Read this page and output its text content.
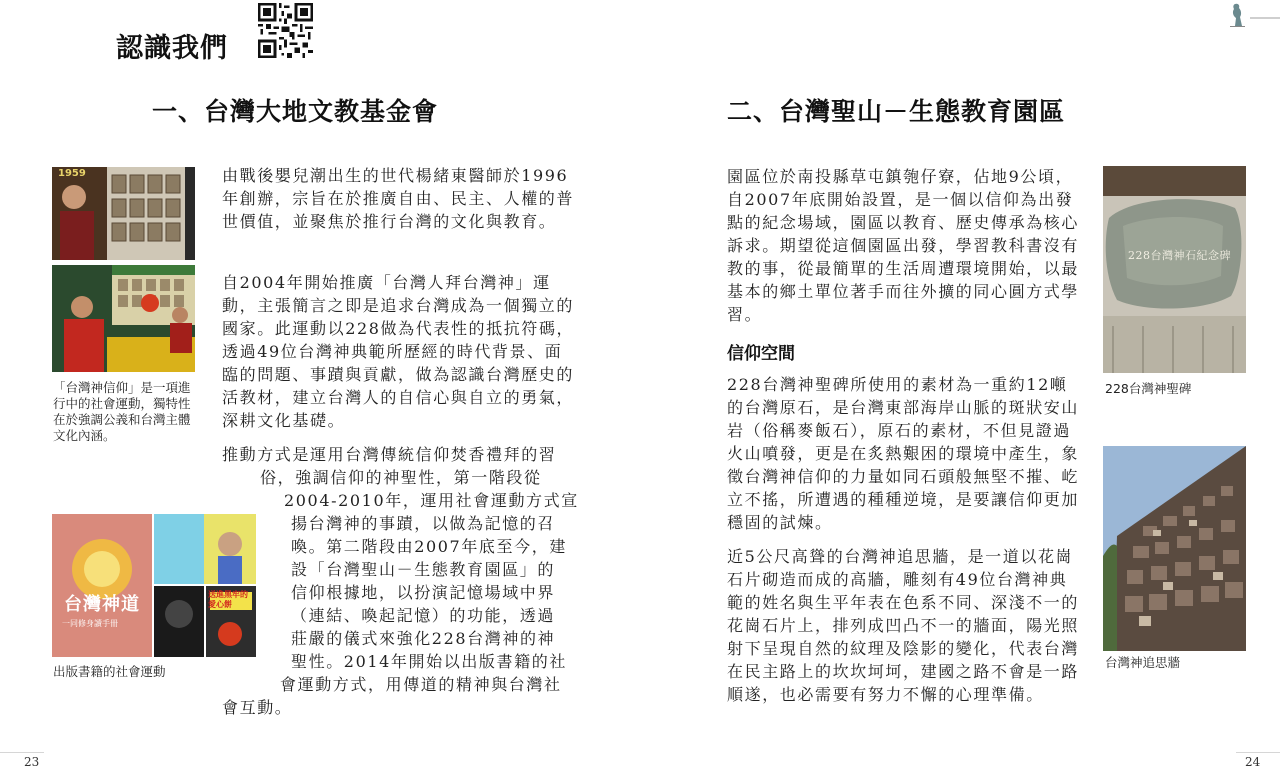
認識我們
一、台灣大地文教基金會
1959
「台灣神信仰」是一項進行中的社會運動，獨特性在於強調公義和台灣主體文化內涵。
台灣神道
一同修身讀手冊
送進黑牢的愛心餅
出版書籍的社會運動
由戰後嬰兒潮出生的世代楊緒東醫師於1996年創辦，宗旨在於推廣自由、民主、人權的普世價值，並聚焦於推行台灣的文化與教育。
自2004年開始推廣「台灣人拜台灣神」運動，主張簡言之即是追求台灣成為一個獨立的國家。此運動以228做為代表性的抵抗符碼，透過49位台灣神典範所歷經的時代背景、面臨的問題、事蹟與貢獻，做為認識台灣歷史的活教材，建立台灣人的自信心與自立的勇氣，深耕文化基礎。

推動方式是運用台灣傳統信仰焚香禮拜的習

俗，強調信仰的神聖性，第一階段從

2004-2010年，運用社會運動方式宣

揚台灣神的事蹟，以做為記憶的召

喚。第二階段由2007年底至今，建

設「台灣聖山－生態教育園區」的

信仰根據地，以扮演記憶場域中界

（連結、喚起記憶）的功能，透過

莊嚴的儀式來強化228台灣神的神

聖性。2014年開始以出版書籍的社

會運動方式，用傳道的精神與台灣社

會互動。

23
二、台灣聖山－生態教育園區
園區位於南投縣草屯鎮匏仔寮，佔地9公頃，自2007年底開始設置，是一個以信仰為出發點的紀念場域，園區以教育、歷史傳承為核心訴求。期望從這個園區出發，學習教科書沒有教的事，從最簡單的生活周遭環境開始，以最基本的鄉土單位著手而往外擴的同心圓方式學習。
信仰空間
228台灣神聖碑所使用的素材為一重約12噸的台灣原石，是台灣東部海岸山脈的斑狀安山岩（俗稱麥飯石），原石的素材，不但見證過火山噴發，更是在炙熱艱困的環境中產生，象徵台灣神信仰的力量如同石頭般無堅不摧、屹立不搖，所遭遇的種種逆境，是要讓信仰更加穩固的試煉。
近5公尺高聳的台灣神追思牆，是一道以花崗石片砌造而成的高牆，雕刻有49位台灣神典範的姓名與生平年表在色系不同、深淺不一的花崗石片上，排列成凹凸不一的牆面，陽光照射下呈現自然的紋理及陰影的變化，代表台灣在民主路上的坎坎坷坷，建國之路不會是一路順遂，也必需要有努力不懈的心理準備。
228台灣神石紀念碑
228台灣神聖碑
台灣神追思牆
24
